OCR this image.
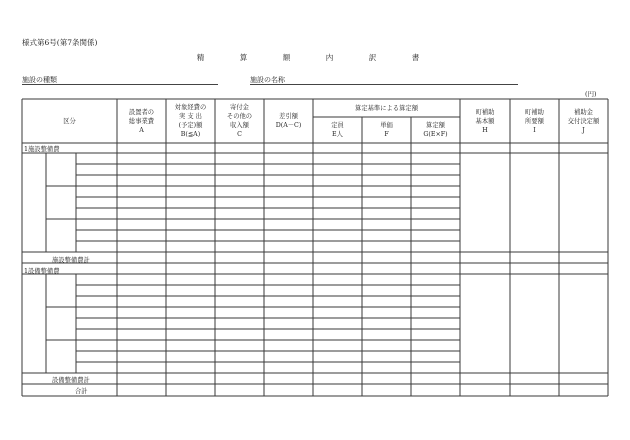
様式第6号(第7条関係)
精　算　額　内　訳　書
施設の種類	施設の名称
(円)
区分
設置者の
総事業費
A
対象経費の
実 支 出
(予定)額
B(≦A)
寄付金
その他の
収入額
C
差引額
D(A－C)
算定基準による算定額
定員
E人
単価
F
算定額
G(E×F)
町補助
基本額
H
町補助
所要額
I
補助金
交付決定額
J
1施設整備費
施設整備費計
1設備整備費
設備整備費計
合計
